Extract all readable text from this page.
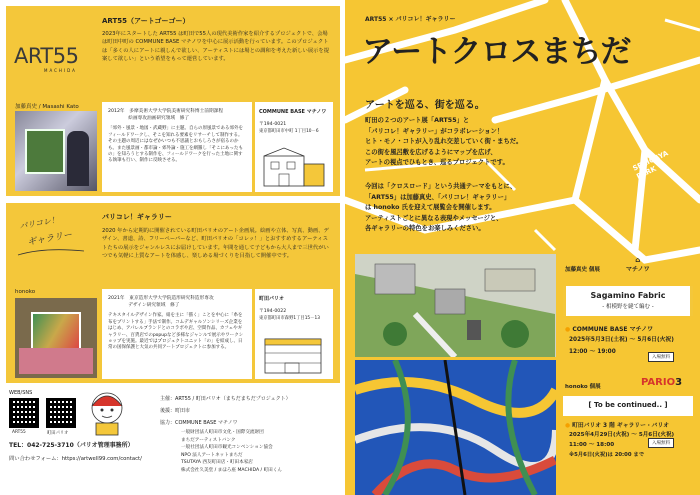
ART55
MACHIDA
ART55（アートゴーゴー）
2023年にスタートした ART55 は町田で55人の現代美術作家を紹介するプロジェクトで、会場は町田中町の COMMUNE BASE マチノワを中心に展示活動を行っています。このプロジェクトは「多くの人にアートに親しんで欲しい、アーティストには場との調和を考えた新しい展示を提案して欲しい」という希望をもって運営しています。
加藤真史 / Masashi Kato
2012年　多摩美術大学大学院美術研究科博士前期課程
　　　　 絵画専攻油画研究領域　修了
「郊外・風景・地図・武蔵野」に主題。自らの原風景である郊外をフィールドワークし、そこを知れる要素をリサーチして制作する。その主題の周辺にはなぜかいつも不思議とおもしろさが宿るのかも。また風景画・都市論・郊外論・施工を網羅し「そこにあったもの」を知ろうとする制作を、フィールドワークを行った土地に関する執筆も行い、制作に反映させる。
COMMUNE BASE マチノワ
〒194-0021
東京都町田市中町 1丁目10－6
パリコレ！
ギャラリー
パリコレ！ギャラリー
2020 年から定期的に開催されている町田パリオのアート企画展。絵画や立体、写真、動画、デザイン、書道、詩、フリーペーパーなど、町田パリオの「コレッ！」とおすすめするアーティストたちの展示をジャンルレスにお届けしています。年間を通して子どもから大人まで三世代がいつでも気軽に上質なアートを体感し、楽しめる場づくりを目指して開催中です。
honoko
2021年　東京造形大学大学院造形研究科造形専攻
　　　　 デザイン研究領域　修了
テキスタイルデザイン作家。絹を主に「描く」ことを中心に「糸を布をプリントする」手法で制作。コムデギャルソンシリーズ企業をはじめ、アパレルブランドとのコラボや店、空間作品、カフェやギャラリー、百貨店でのpopupなど多様なジャンルで展示やワークショップを実施。最近ではプロジェクトユニット「の」を結成し、日常の国保保護と大気の共同アートプロジェクトに参加する。
町田パリオ
〒194-0022
東京都町田市森野1丁目15－13
WEB/SNS
ART55	町田パリオ
TEL：042-725-3710（パリオ管理事務所）
問い合わせフォーム：https://artwell99.com/contact/
主催：ART55 / 町田パリオ（まちだまちだプロジェクト）
後援：町田市
協力：COMMUNE BASE マチノワ
一般財団法人町田市文化・国際交流財団
まちだアーティストバンク
一般社団法人町田市観光コンベンション協会
NPO 法人アートネットまちだ
TSUTAYA 西友町田店・町田本家店
株式会社久美堂 / まほろ座 MACHIDA / 町田くん
SERIGAYA PARK
ART55 × パリコレ！ギャラリー
アートクロスまちだ
アートを巡る、街を巡る。
町田の２つのアート展「ART55」と
「パリコレ！ギャラリー」がコラボレーション！
ヒト・モノ・コトが入り乱れ交差していく街・まちだ。
この街を風呂敷を広げるようにマップを広げ、
アートの視点でひもとき、巡るプロジェクトです。
今回は「クロスロード」という共通テーマをもとに、
「ART55」は加藤真史、「パリコレ！ギャラリー」
は honoko 氏を迎えて展覧会を開催します。
アーティストごとに異なる表現やメッセージと、
各ギャラリーの特色をお楽しみください。
加藤真史 個展
⌂
マチノワ
Sagamino Fabric
- 相模野を縫て編む -
● COMMUNE BASE マチノワ
2025年5月3日(土祝) 〜 5月6日(火祝)
12:00 〜 19:00
入場無料
honoko 個展	PARIO3
[ To be continued.. ]
● 町田パリオ 3 階 ギャラリー・パリオ
2025年4月29日(火祝) 〜 5月6日(火祝)
11:00 〜 18:00	入場無料
※5月6日(火祝)は 20:00 まで
